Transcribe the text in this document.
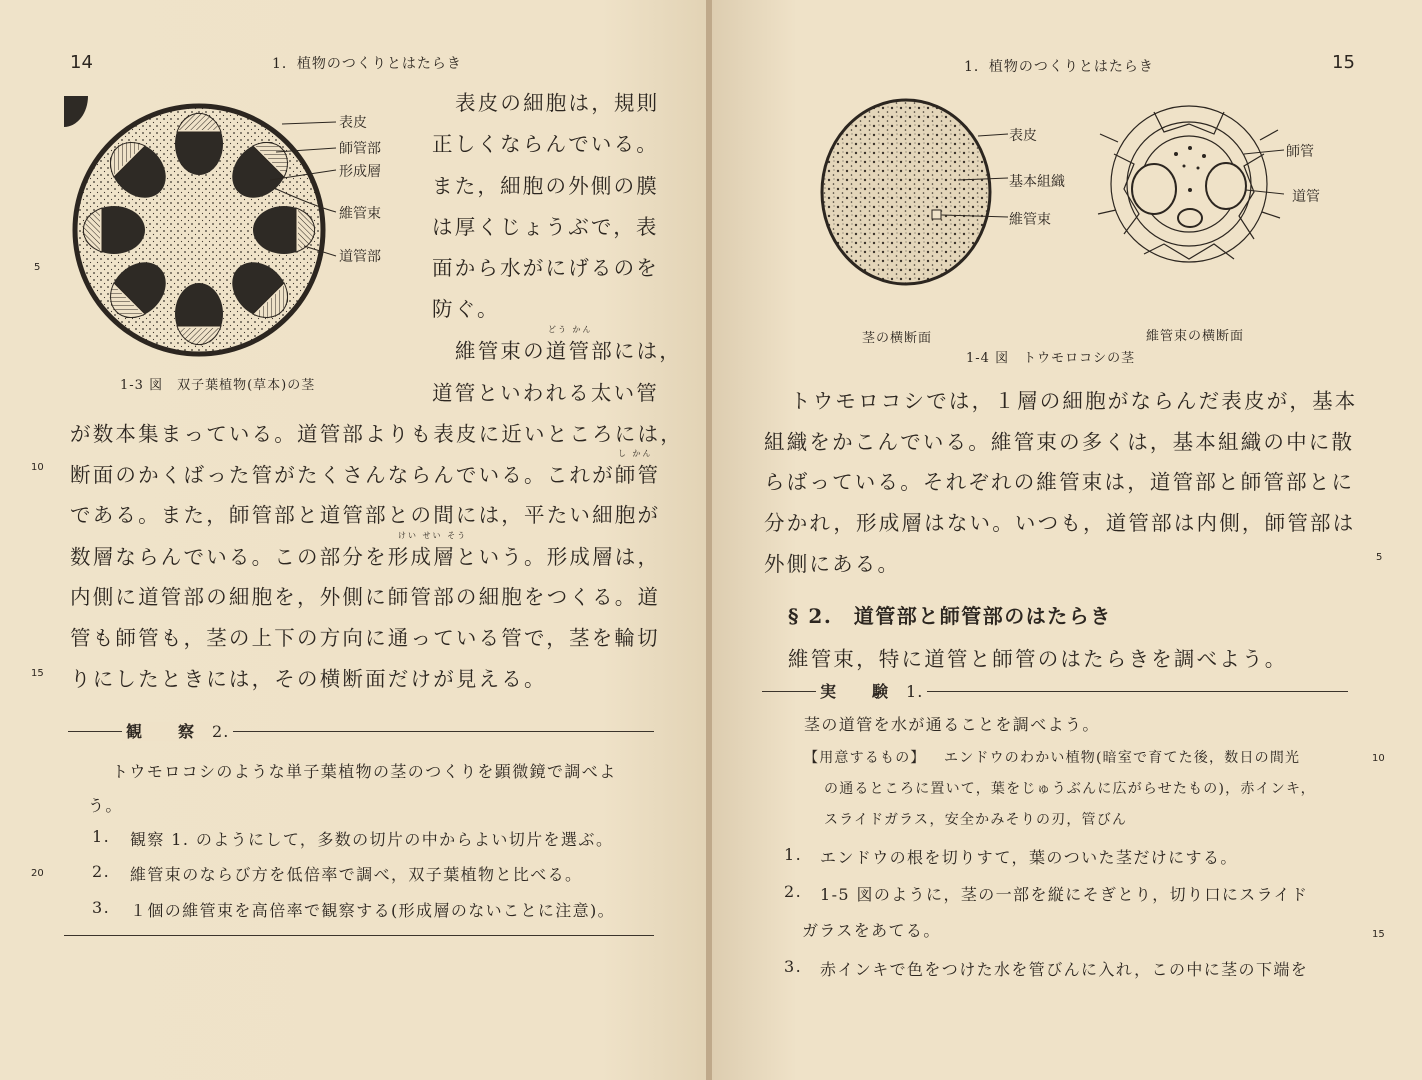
14	1．植物のつくりとはたらき
表皮
師管部
形成層
維管束
道管部
1-3 図　双子葉植物(草本)の茎
表皮の細胞は，規則
正しくならんでいる。
また，細胞の外側の膜
は厚くじょうぶで，表
面から水がにげるのを
防ぐ。
どう かん
維管束の道管部には，
道管といわれる太い管
が数本集まっている。道管部よりも表皮に近いところには，
し かん
断面のかくばった管がたくさんならんでいる。これが師管
である。また，師管部と道管部との間には，平たい細胞が
けい せい そう
数層ならんでいる。この部分を形成層という。形成層は，
内側に道管部の細胞を，外側に師管部の細胞をつくる。道
管も師管も，茎の上下の方向に通っている管で，茎を輪切
りにしたときには，その横断面だけが見える。
観　察 2.
トウモロコシのような単子葉植物の茎のつくりを顕微鏡で調べよ
う。
1. 観察 1. のようにして，多数の切片の中からよい切片を選ぶ。
2. 維管束のならび方を低倍率で調べ，双子葉植物と比べる。
3. １個の維管束を高倍率で観察する(形成層のないことに注意)。
5
10
15
20
15
1．植物のつくりとはたらき
表皮
基本組織
維管束
師管
道管
茎の横断面	維管束の横断面
1-4 図　トウモロコシの茎
トウモロコシでは，１層の細胞がならんだ表皮が，基本
組織をかこんでいる。維管束の多くは，基本組織の中に散
らばっている。それぞれの維管束は，道管部と師管部とに
分かれ，形成層はない。いつも，道管部は内側，師管部は
外側にある。
§ 2.　道管部と師管部のはたらき
維管束，特に道管と師管のはたらきを調べよう。
実　験 1.
茎の道管を水が通ることを調べよう。
【用意するもの】 エンドウのわかい植物(暗室で育てた後，数日の間光
の通るところに置いて，葉をじゅうぶんに広がらせたもの)，赤インキ，
スライドガラス，安全かみそりの刃，管びん
1. エンドウの根を切りすて，葉のついた茎だけにする。
2. 1-5 図のように，茎の一部を縦にそぎとり，切り口にスライド
ガラスをあてる。
3. 赤インキで色をつけた水を管びんに入れ，この中に茎の下端を
5
10
15
